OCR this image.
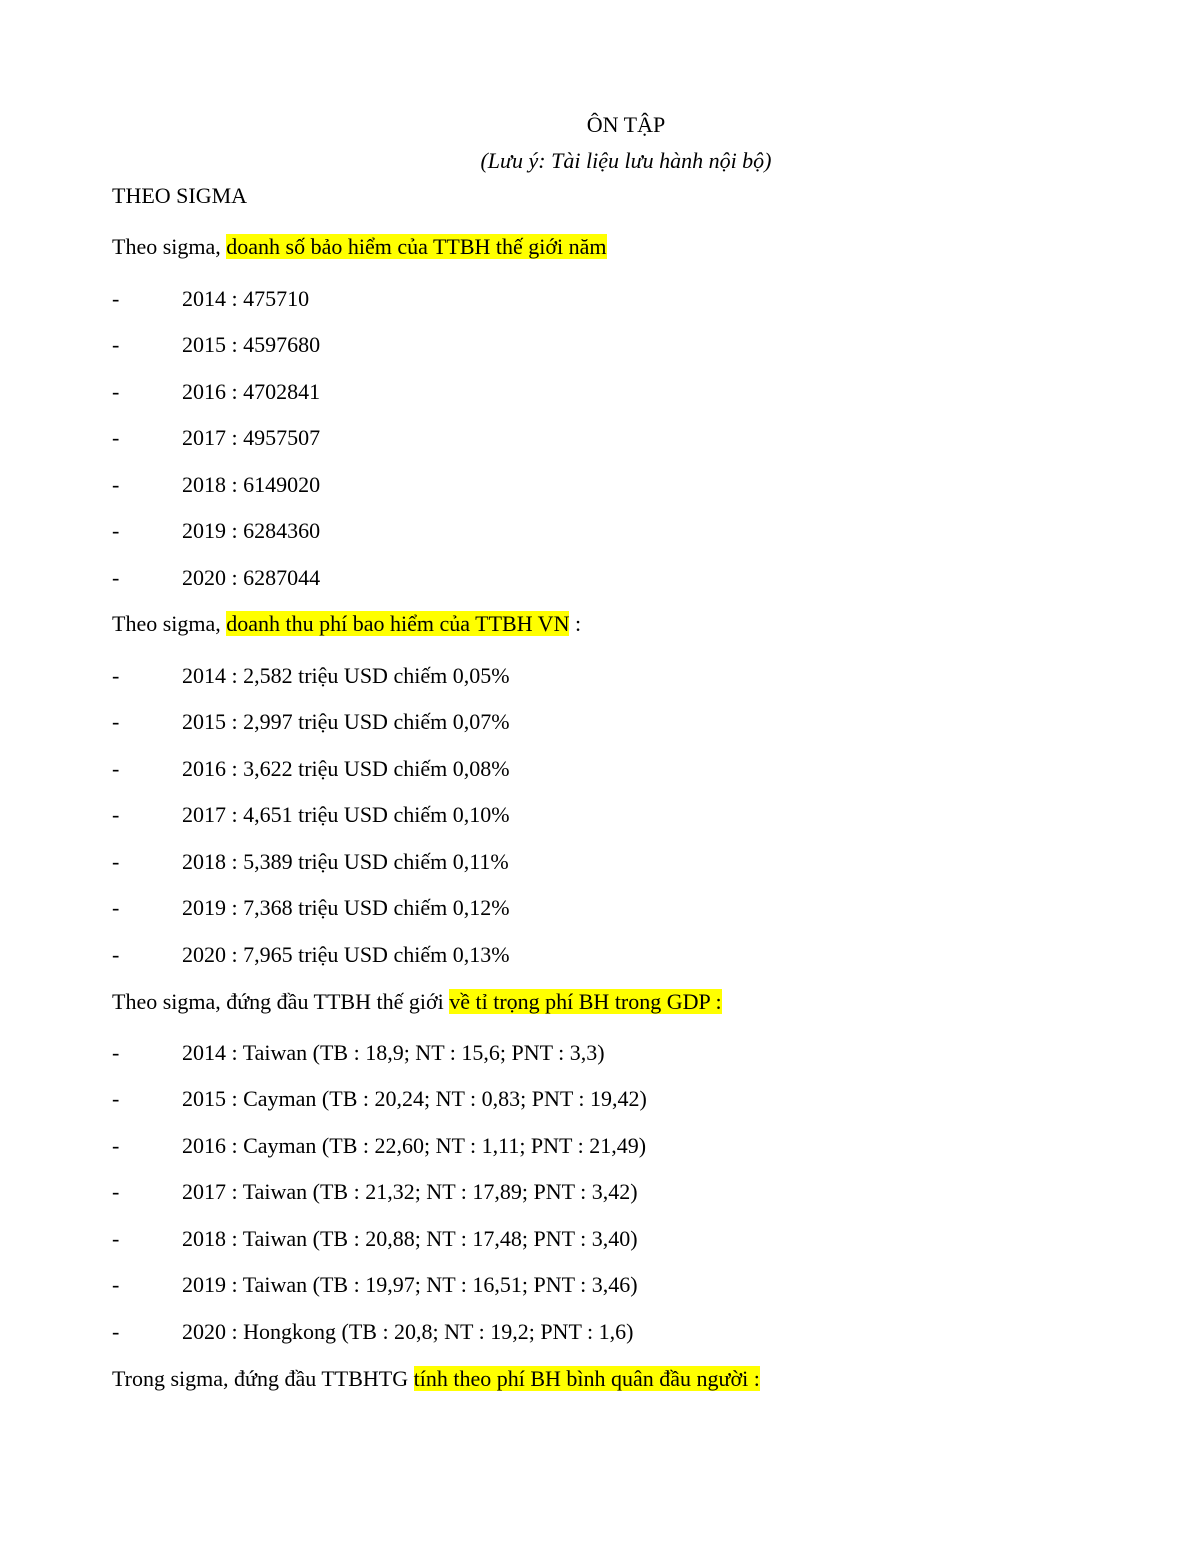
ÔN TẬP
(Lưu ý: Tài liệu lưu hành nội bộ)
THEO SIGMA
Theo sigma, doanh số bảo hiểm của TTBH thế giới năm
-	2014 : 475710
-	2015 : 4597680
-	2016 : 4702841
-	2017 : 4957507
-	2018 : 6149020
-	2019 : 6284360
-	2020 : 6287044
Theo sigma, doanh thu phí bao hiểm của TTBH VN :
-	2014 : 2,582 triệu USD chiếm 0,05%
-	2015 : 2,997 triệu USD chiếm 0,07%
-	2016 : 3,622 triệu USD chiếm 0,08%
-	2017 : 4,651 triệu USD chiếm 0,10%
-	2018 : 5,389 triệu USD chiếm 0,11%
-	2019 : 7,368 triệu USD chiếm 0,12%
-	2020 : 7,965 triệu USD chiếm 0,13%
Theo sigma, đứng đầu TTBH thế giới về tỉ trọng phí BH trong GDP :
-	2014 : Taiwan (TB : 18,9; NT : 15,6; PNT : 3,3)
-	2015 : Cayman (TB : 20,24; NT : 0,83; PNT : 19,42)
-	2016 : Cayman (TB : 22,60; NT : 1,11; PNT : 21,49)
-	2017 : Taiwan (TB : 21,32; NT : 17,89; PNT : 3,42)
-	2018 : Taiwan (TB : 20,88; NT : 17,48; PNT : 3,40)
-	2019 : Taiwan (TB : 19,97; NT : 16,51; PNT : 3,46)
-	2020 : Hongkong (TB : 20,8; NT : 19,2; PNT : 1,6)
Trong sigma, đứng đầu TTBHTG tính theo phí BH bình quân đầu người :
